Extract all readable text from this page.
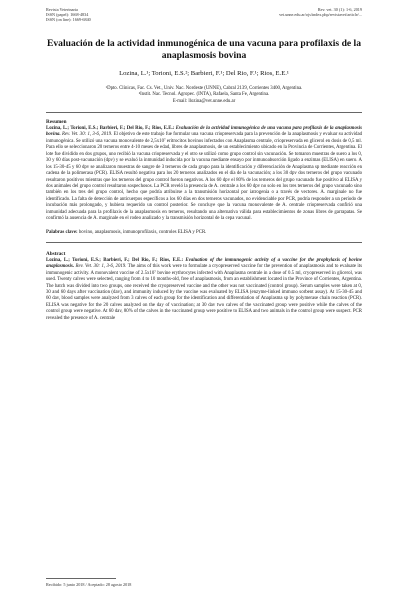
Revista Veterinaria
ISSN (papel): 1668-4834
ISSN (on line): 1669-6840
Rev. vet. 30 (1): 1-6, 2019
vet.unne.edu.ar/ojs/index.php/revistavet/article/...
Evaluación de la actividad inmunogénica de una vacuna para profilaxis de la anaplasmosis bovina
Lozina, L.¹; Torioni, E.S.²; Barbieri, F.¹; Del Rio, F.¹; Rios, E.E.¹
¹Dpto. Clínicas, Fac. Cs. Vet., Univ. Nac. Nordeste (UNNE), Cabral 2139, Corrientes 3400, Argentina.
²Instit. Nac. Tecnol. Agropec. (INTA), Rafaela, Santa Fe, Argentina.
E-mail: llozina@vet.unne.edu.ar
Resumen
Lozina, L.; Torioni, E.S.; Barbieri, F.; Del Rio, F.; Rios, E.E.: Evaluación de la actividad inmunogénica de una vacuna para profilaxis de la anaplasmosis bovina. Rev. Vet. 30: 1, 3-6, 2019. El objetivo de este trabajo fue formular una vacuna criopreservada para la prevención de la anaplasmosis y evaluar su actividad inmunogénica. Se utilizó una vacuna monovalente de 2,5x10⁷ eritrocitos bovinos infectados con Anaplasma centrale, criopreservada en glicerol en dosis de 0,5 ml. Para ello se seleccionaron 20 terneros entre 4-10 meses de edad, libres de anaplasmosis, de un establecimiento ubicado en la Provincia de Corrientes, Argentina. El lote fue dividido en dos grupos, uno recibió la vacuna criopreservada y el otro se utilizó como grupo control sin vacunación. Se tomaron muestras de suero a los 0, 30 y 60 días post-vacunación (dpv) y se evaluó la inmunidad inducida por la vacuna mediante ensayo por inmunoabsorción ligado a enzimas (ELISA) en suero. A los 15-30-45 y 60 dpv se analizaron muestras de sangre de 3 terneros de cada grupo para la identificación y diferenciación de Anaplasma sp mediante reacción en cadena de la polimerasa (PCR). ELISA resultó negativa para los 20 terneros analizados en el día de la vacunación; a los 30 dpv dos terneros del grupo vacunado resultaron positivos mientras que los terneros del grupo control fueron negativos. A los 60 dpv el 80% de los terneros del grupo vacunado fue positivo al ELISA y dos animales del grupo control resultaron sospechosos. La PCR reveló la presencia de A. centrale a los 60 dpv no solo en los tres terneros del grupo vacunado sino también en los tres del grupo control, hecho que podría atribuirse a la transmisión horizontal por iatrogenia o a través de vectores. A. marginale no fue identificado. La falta de detección de anticuerpos específicos a los 60 días en dos terneros vacunados, no evidenciable por PCR, podría responder a un período de incubación más prolongado, y hubiera requerido un control posterior. Se concluye que la vacuna monovalente de A. centrale criopreservada confirió una inmunidad adecuada para la profilaxis de la anaplasmosis en terneros, resultando una alternativa válida para establecimientos de zonas libres de garrapatas. Se confirmó la ausencia de A. marginale en el rodeo analizado y la transmisión horizontal de la cepa vacunal.
Palabras clave: bovino, anaplasmosis, inmunoprofilaxis, controles ELISA y PCR.
Abstract
Lozina, L.; Torioni, E.S.; Barbieri, F.; Del Rio, F.; Rios, E.E.: Evaluation of the immunogenic activity of a vaccine for the prophylaxis of bovine anaplasmosis. Rev. Vet. 30: 1, 3-6, 2019. The aims of this work were to formulate a cryopreserved vaccine for the prevention of anaplasmosis and to evaluate its immunogenic activity. A monovalent vaccine of 2.5x10⁷ bovine erythrocytes infected with Anaplasma centrale in a dose of 0.5 ml, cryopreserved in glicerol, was used. Twenty calves were selected, ranging from 4 to 10 months-old, free of anaplasmosis, from an establishment located in the Province of Corrientes, Argentina. The batch was divided into two groups, one received the cryopreserved vaccine and the other was not vaccinated (control group). Serum samples were taken at 0, 30 and 60 days after vaccination (dav), and immunity induced by the vaccine was evaluated by ELISA (enzyme-linked immuno sorbent assay). At 15-30-45 and 60 dav, blood samples were analyzed from 3 calves of each group for the identification and differentiation of Anaplasma sp by polymerase chain reaction (PCR). ELISA was negative for the 20 calves analyzed on the day of vaccination; at 30 dav two calves of the vaccinated group were positive while the calves of the control group were negative. At 60 dav, 80% of the calves in the vaccinated group were positive to ELISA and two animals in the control group were suspect. PCR revealed the presence of A. centrale
Recibido: 5 junio 2018 / Aceptado: 28 agosto 2018
